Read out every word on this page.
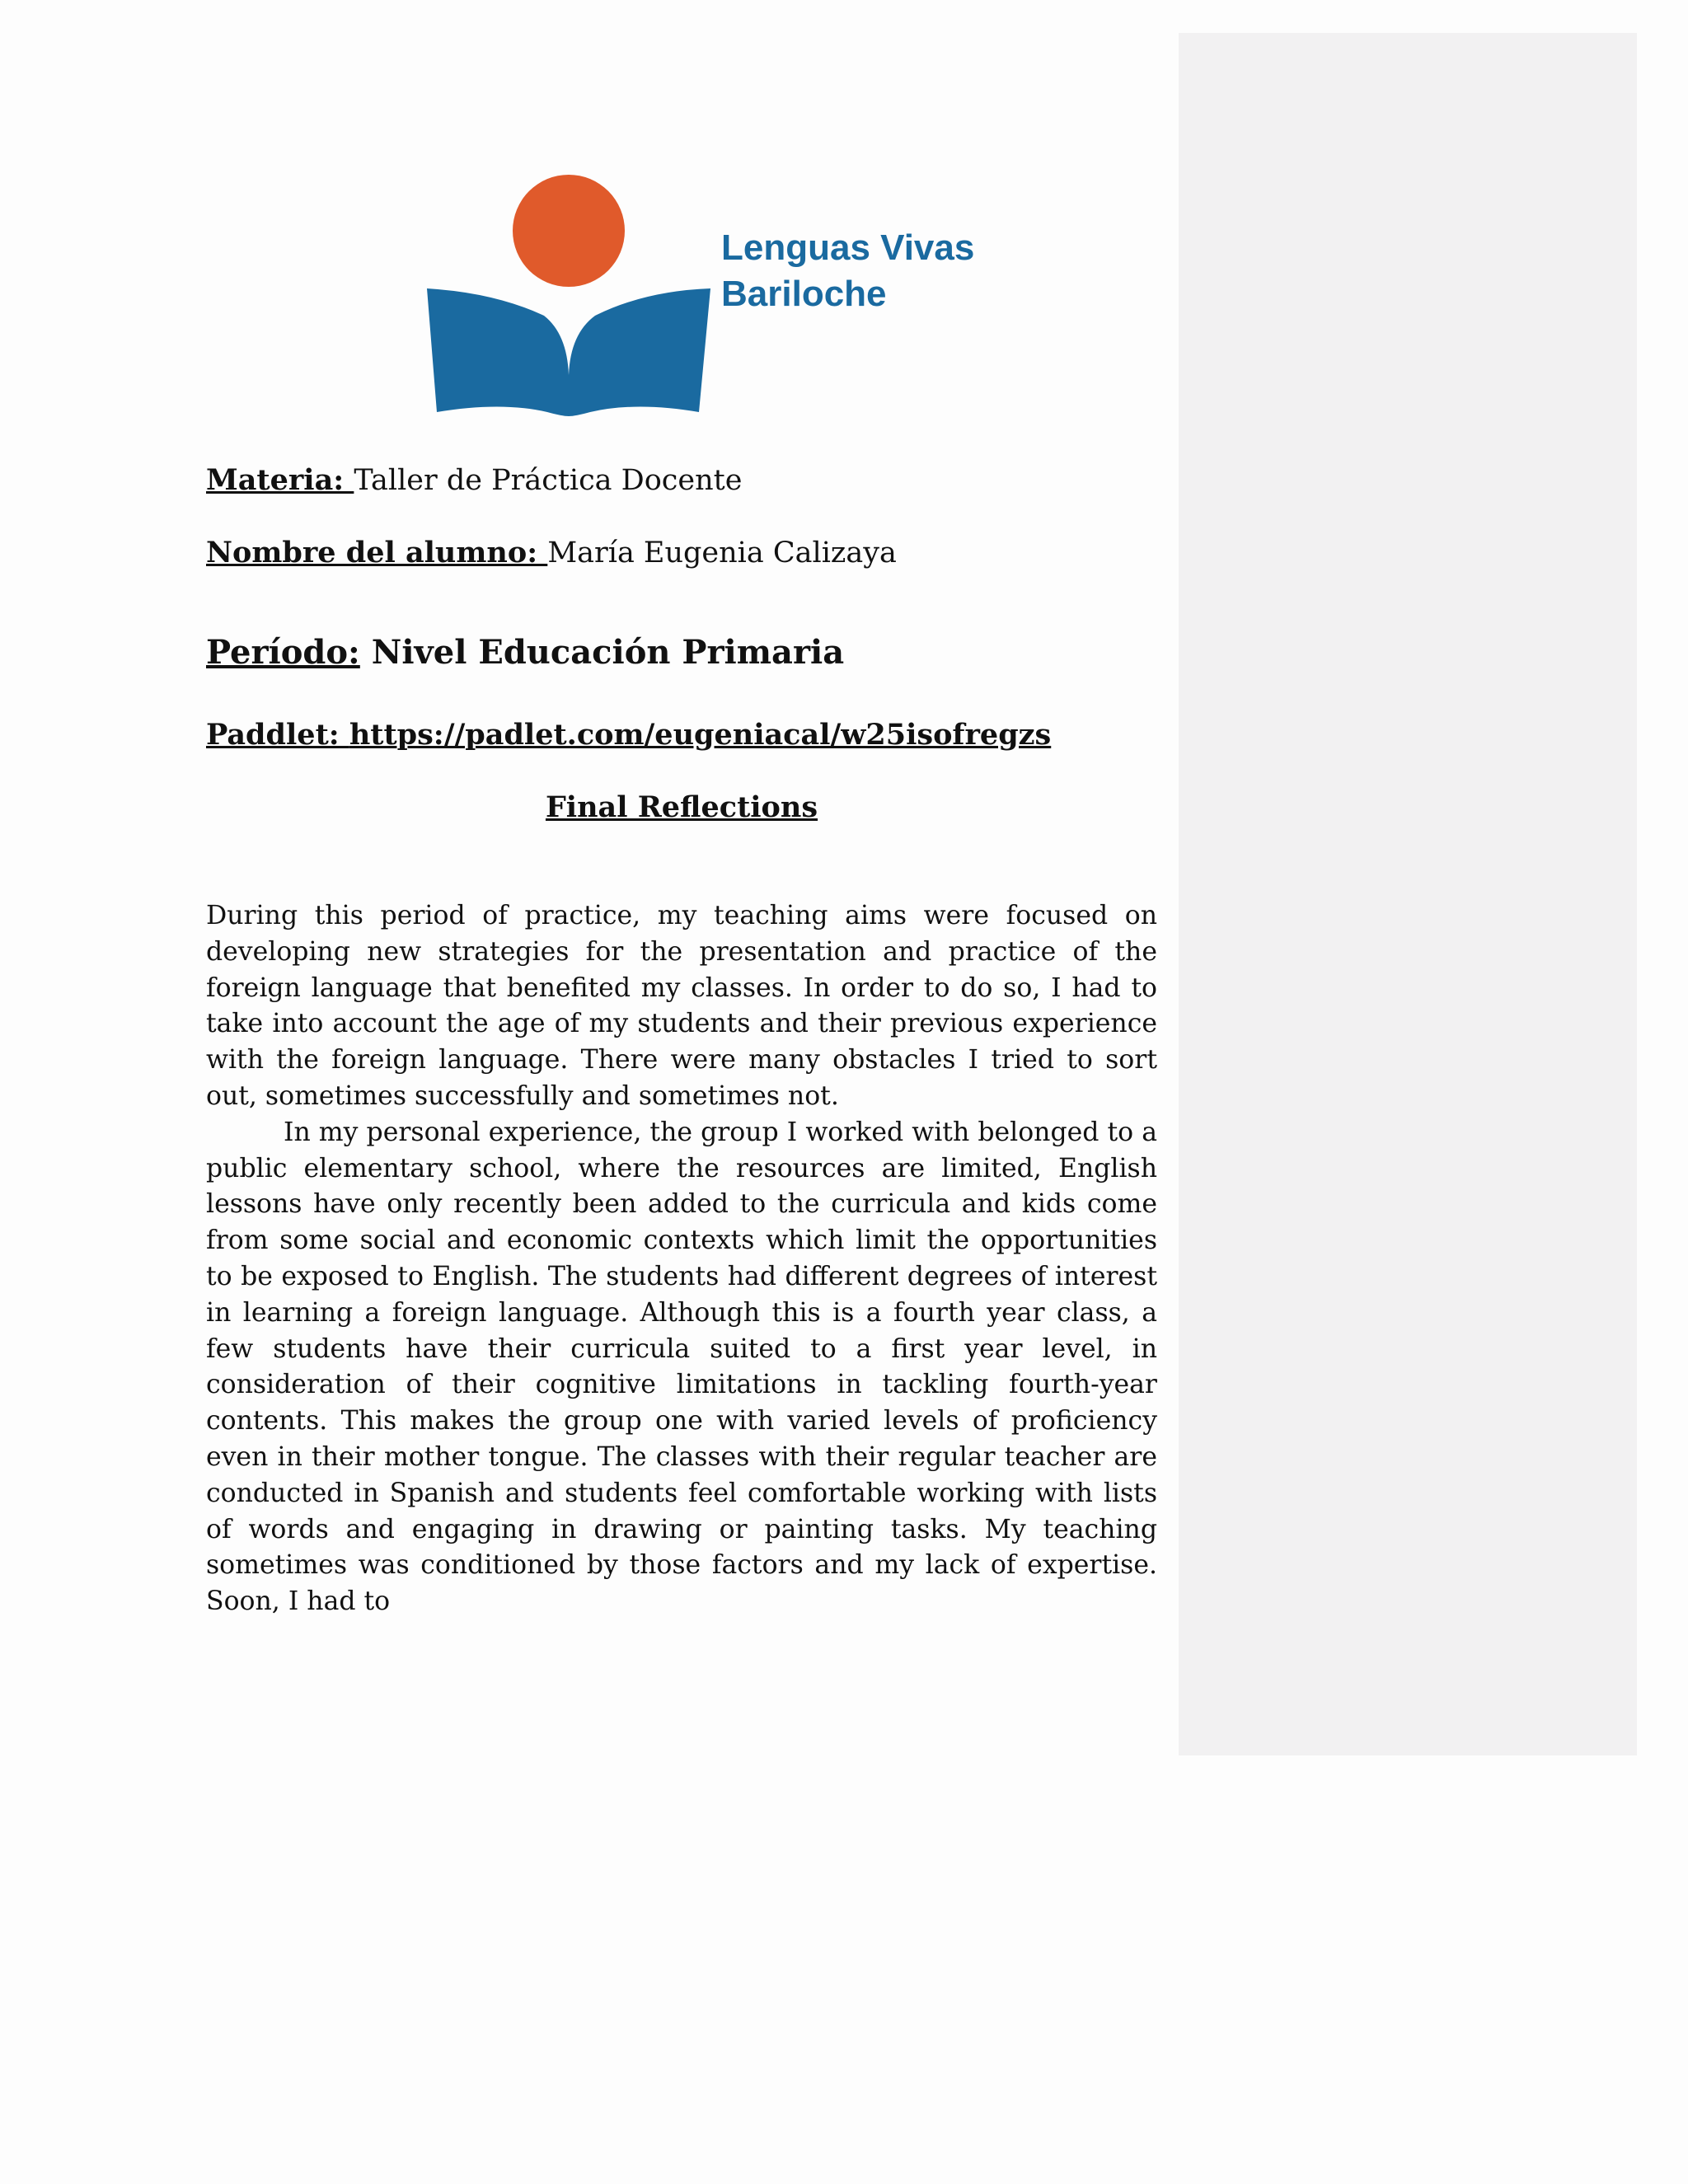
Lenguas Vivas
Bariloche
Materia: Taller de Práctica Docente
Nombre del alumno: María Eugenia Calizaya
Período: Nivel Educación Primaria
Paddlet: https://padlet.com/eugeniacal/w25isofregzs
Final Reflections

During this period of practice, my teaching aims were focused on developing new strategies for the presentation and practice of the foreign language that benefited my classes. In order to do so, I had to take into account the age of my students and their previous experience with the foreign language. There were many obstacles I tried to sort out, sometimes successfully and sometimes not.

In my personal experience, the group I worked with belonged to a public elementary school, where the resources are limited, English lessons have only recently been added to the curricula and kids come from some social and economic contexts which limit the opportunities to be exposed to English. The students had different degrees of interest in learning a foreign language. Although this is a fourth year class, a few students have their curricula suited to a first year level, in consideration of their cognitive limitations in tackling fourth-year contents. This makes the group one with varied levels of proficiency even in their mother tongue. The classes with their regular teacher are conducted in Spanish and students feel comfortable working with lists of words and engaging in drawing or painting tasks. My teaching sometimes was conditioned by those factors and my lack of expertise. Soon, I had to
